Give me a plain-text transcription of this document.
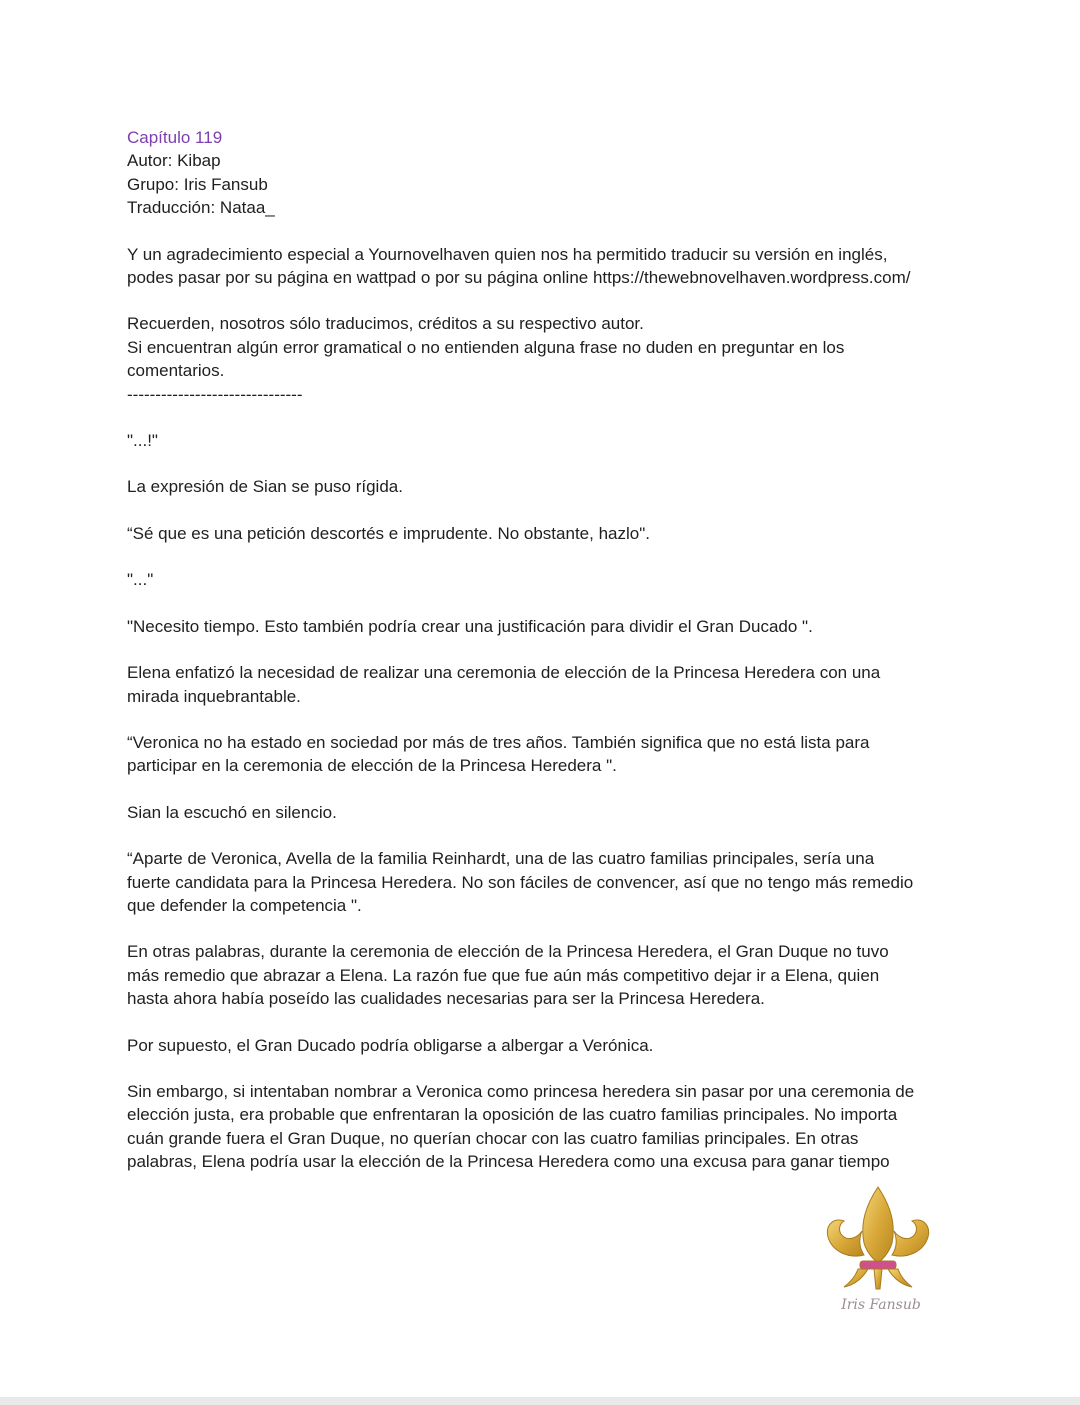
Capítulo 119
Autor: Kibap
Grupo: Iris Fansub
Traducción: Nataa_

Y un agradecimiento especial a Yournovelhaven quien nos ha permitido traducir su versión en inglés,
podes pasar por su página en wattpad o por su página online https://thewebnovelhaven.wordpress.com/

Recuerden, nosotros sólo traducimos, créditos a su respectivo autor.
Si encuentran algún error gramatical o no entienden alguna frase no duden en preguntar en los
comentarios.
-------------------------------

"...!"

La expresión de Sian se puso rígida.

“Sé que es una petición descortés e imprudente. No obstante, hazlo".

"..."

"Necesito tiempo. Esto también podría crear una justificación para dividir el Gran Ducado ".

Elena enfatizó la necesidad de realizar una ceremonia de elección de la Princesa Heredera con una
mirada inquebrantable.

“Veronica no ha estado en sociedad por más de tres años. También significa que no está lista para
participar en la ceremonia de elección de la Princesa Heredera ".

Sian la escuchó en silencio.

“Aparte de Veronica, Avella de la familia Reinhardt, una de las cuatro familias principales, sería una
fuerte candidata para la Princesa Heredera. No son fáciles de convencer, así que no tengo más remedio
que defender la competencia ".

En otras palabras, durante la ceremonia de elección de la Princesa Heredera, el Gran Duque no tuvo
más remedio que abrazar a Elena. La razón fue que fue aún más competitivo dejar ir a Elena, quien
hasta ahora había poseído las cualidades necesarias para ser la Princesa Heredera.

Por supuesto, el Gran Ducado podría obligarse a albergar a Verónica.

Sin embargo, si intentaban nombrar a Veronica como princesa heredera sin pasar por una ceremonia de
elección justa, era probable que enfrentaran la oposición de las cuatro familias principales. No importa
cuán grande fuera el Gran Duque, no querían chocar con las cuatro familias principales. En otras
palabras, Elena podría usar la elección de la Princesa Heredera como una excusa para ganar tiempo

Iris Fansub
